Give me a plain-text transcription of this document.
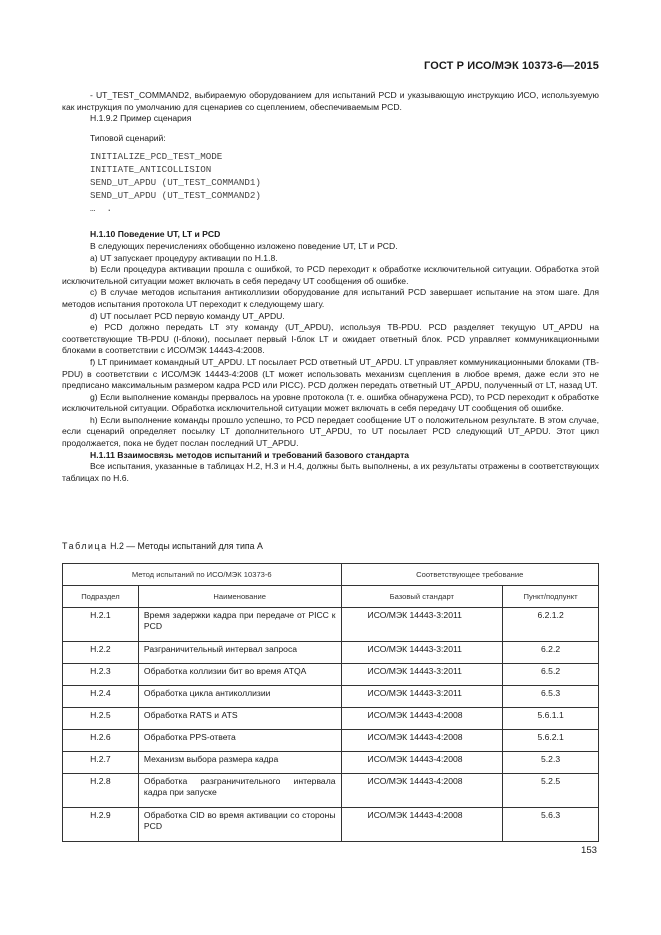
ГОСТ Р ИСО/МЭК 10373-6—2015

- UT_TEST_COMMAND2, выбираемую оборудованием для испытаний PCD и указывающую инструкцию ИСО, используемую как инструкция по умолчанию для сценариев со сцеплением, обеспечиваемым PCD.

H.1.9.2 Пример сценария

Типовой сценарий:

INITIALIZE_PCD_TEST_MODE
INITIATE_ANTICOLLISION
SEND_UT_APDU (UT_TEST_COMMAND1)
SEND_UT_APDU (UT_TEST_COMMAND2)
…  .
H.1.10 Поведение UT, LT и PCD

В следующих перечислениях обобщенно изложено поведение UT, LT и PCD.

a) UT запускает процедуру активации по H.1.8.

b) Если процедура активации прошла с ошибкой, то PCD переходит к обработке исключительной ситуации. Обработка этой исключительной ситуации может включать в себя передачу UT сообщения об ошибке.

c) В случае методов испытания антиколлизии оборудование для испытаний PCD завершает испытание на этом шаге. Для методов испытания протокола UT переходит к следующему шагу.

d) UT посылает PCD первую команду UT_APDU.

e) PCD должно передать LT эту команду (UT_APDU), используя TB-PDU. PCD разделяет текущую UT_APDU на соответствующие TB-PDU (I-блоки), посылает первый I-блок LT и ожидает ответный блок. PCD управляет коммуникационными блоками в соответствии с ИСО/МЭК 14443-4:2008.

f) LT принимает командный UT_APDU. LT посылает PCD ответный UT_APDU. LT управляет коммуникационными блоками (TB-PDU) в соответствии с ИСО/МЭК 14443-4:2008 (LT может использовать механизм сцепления в любое время, даже если это не предписано максимальным размером кадра PCD или PICC). PCD должен передать ответный UT_APDU, полученный от LT, назад UT.

g) Если выполнение команды прервалось на уровне протокола (т. е. ошибка обнаружена PCD), то PCD переходит к обработке исключительной ситуации. Обработка исключительной ситуации может включать в себя передачу UT сообщения об ошибке.

h) Если выполнение команды прошло успешно, то PCD передает сообщение UT о положительном результате. В этом случае, если сценарий определяет посылку LT дополнительного UT_APDU, то UT посылает PCD следующий UT_APDU. Этот цикл продолжается, пока не будет послан последний UT_APDU.

H.1.11 Взаимосвязь методов испытаний и требований базового стандарта

Все испытания, указанные в таблицах H.2, H.3 и H.4, должны быть выполнены, а их результаты отражены в соответствующих таблицах по H.6.

Таблица H.2 — Методы испытаний для типа А
Метод испытаний по ИСО/МЭК 10373-6		Соответствующее требование	
Подраздел	Наименование	Базовый стандарт	Пункт/подпункт
H.2.1	Время задержки кадра при передаче от PICC к PCD	ИСО/МЭК 14443-3:2011	6.2.1.2
H.2.2	Разграничительный интервал запроса	ИСО/МЭК 14443-3:2011	6.2.2
H.2.3	Обработка коллизии бит во время ATQA	ИСО/МЭК 14443-3:2011	6.5.2
H.2.4	Обработка цикла антиколлизии	ИСО/МЭК 14443-3:2011	6.5.3
H.2.5	Обработка RATS и ATS	ИСО/МЭК 14443-4:2008	5.6.1.1
H.2.6	Обработка PPS-ответа	ИСО/МЭК 14443-4:2008	5.6.2.1
H.2.7	Механизм выбора размера кадра	ИСО/МЭК 14443-4:2008	5.2.3
H.2.8	Обработка разграничительного интервала кадра при запуске	ИСО/МЭК 14443-4:2008	5.2.5
H.2.9	Обработка CID во время активации со стороны PCD	ИСО/МЭК 14443-4:2008	5.6.3
153
